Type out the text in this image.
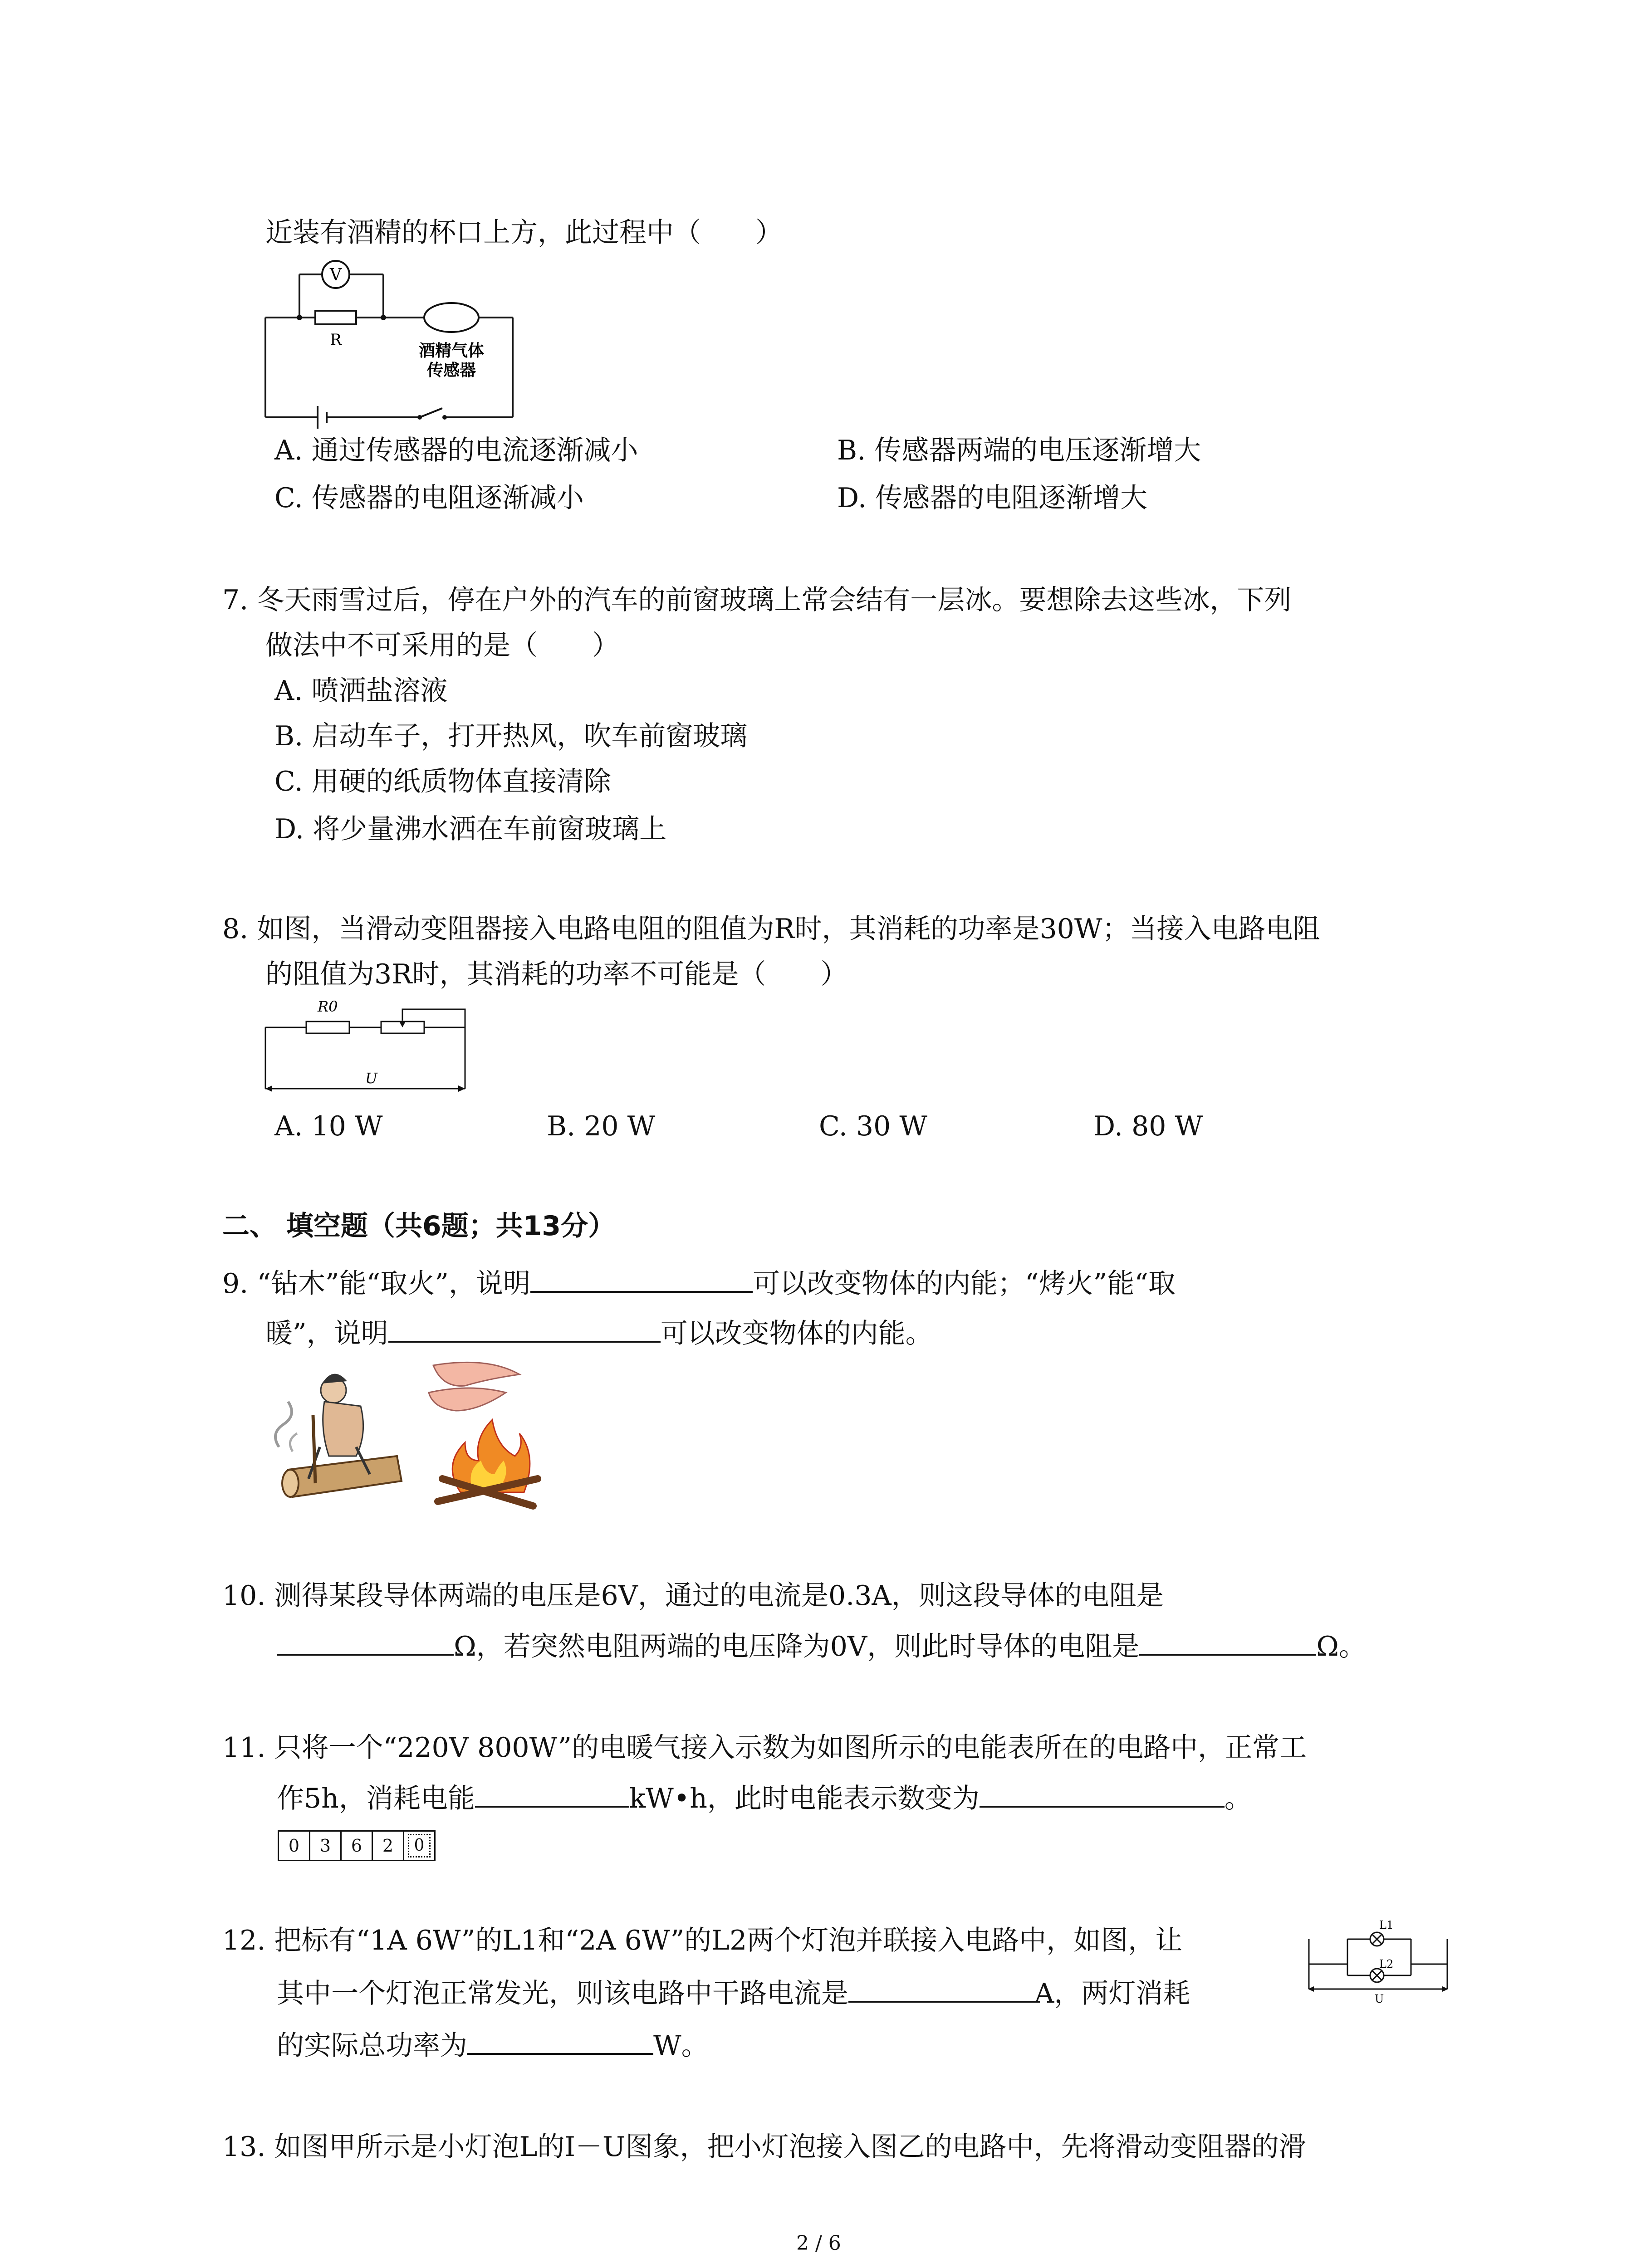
近装有酒精的杯口上方，此过程中（　　）
V
R
酒精气体
传感器
A. 通过传感器的电流逐渐减小	B. 传感器两端的电压逐渐增大
C. 传感器的电阻逐渐减小	D. 传感器的电阻逐渐增大
7. 冬天雨雪过后，停在户外的汽车的前窗玻璃上常会结有一层冰。要想除去这些冰，下列
做法中不可采用的是（　　）
A. 喷洒盐溶液
B. 启动车子，打开热风，吹车前窗玻璃
C. 用硬的纸质物体直接清除
D. 将少量沸水洒在车前窗玻璃上
8. 如图，当滑动变阻器接入电路电阻的阻值为R时，其消耗的功率是30W；当接入电路电阻
的阻值为3R时，其消耗的功率不可能是（　　）
R0
U
A. 10 W	B. 20 W	C. 30 W	D. 80 W
二、 填空题（共6题；共13分）
9. “钻木”能“取火”，说明	可以改变物体的内能；“烤火”能“取
暖”，说明	可以改变物体的内能。
10. 测得某段导体两端的电压是6V，通过的电流是0.3A，则这段导体的电阻是
Ω，若突然电阻两端的电压降为0V，则此时导体的电阻是	Ω。
11. 只将一个“220V 800W”的电暖气接入示数为如图所示的电能表所在的电路中，正常工
作5h，消耗电能	kW•h，此时电能表示数变为	。
0	3	6	2	0
12. 把标有“1A 6W”的L1和“2A 6W”的L2两个灯泡并联接入电路中，如图，让
其中一个灯泡正常发光，则该电路中干路电流是	A，两灯消耗
的实际总功率为	W。
L1
L2
U
13. 如图甲所示是小灯泡L的I－U图象，把小灯泡接入图乙的电路中，先将滑动变阻器的滑
2 / 6
